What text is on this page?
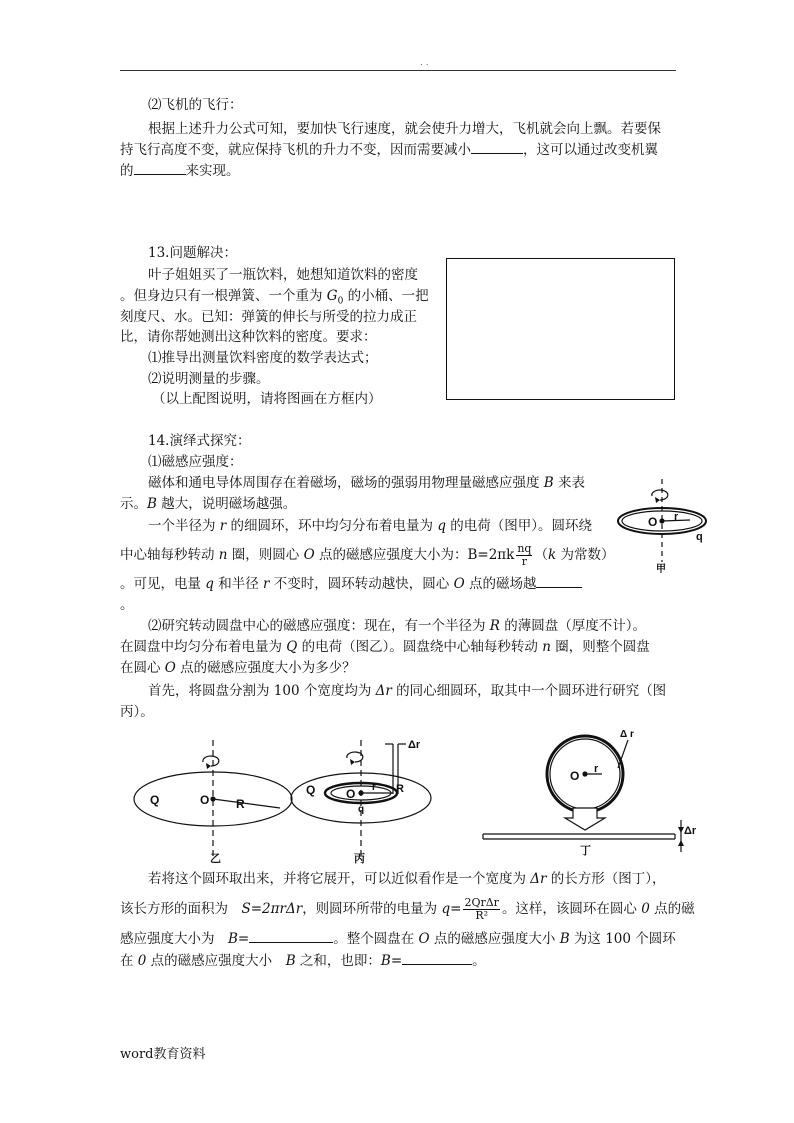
. .
⑵飞机的飞行：
根据上述升力公式可知，要加快飞行速度，就会使升力增大，飞机就会向上飘。若要保
持飞行高度不变，就应保持飞机的升力不变，因而需要减小	，这可以通过改变机翼
的	来实现。
13.问题解决：
叶子姐姐买了一瓶饮料，她想知道饮料的密度
。但身边只有一根弹簧、一个重为 $G_0$ 的小桶、一把
刻度尺、水。已知：弹簧的伸长与所受的拉力成正
比，请你帮她测出这种饮料的密度。要求：
⑴推导出测量饮料密度的数学表达式；
⑵说明测量的步骤。
（以上配图说明，请将图画在方框内）
14.演绎式探究：
⑴磁感应强度：
磁体和通电导体周围存在着磁场，磁场的强弱用物理量磁感应强度 B 来表
示。B 越大，说明磁场越强。
一个半径为 r 的细圆环，环中均匀分布着电量为 q 的电荷（图甲）。圆环绕
中心轴每秒转动 n 圈，则圆心 O 点的磁感应强度大小为：$B=2\pi k \frac{nq}{r} (k$ 为常数）
。可见，电量 q 和半径 r 不变时，圆环转动越快，圆心 O 点的磁场越
。
⑵研究转动圆盘中心的磁感应强度：现在，有一个半径为 R 的薄圆盘（厚度不计）。
在圆盘中均匀分布着电量为 Q 的电荷（图乙）。圆盘绕中心轴每秒转动 n 圈，则整个圆盘
在圆心 O 点的磁感应强度大小为多少？
首先，将圆盘分割为 100 个宽度均为 Δr 的同心细圆环，取其中一个圆环进行研究（图
丙）。
Q	O R
乙
Q	O r R
Δr
q
丙
O r
Δ r
Δr
丁
O r
q
甲
若将这个圆环取出来，并将它展开，可以近似看作是一个宽度为 Δr 的长方形（图丁），
该长方形的面积为　S=2πrΔr，则圆环所带的电量为 $q= \frac{\text{2QrΔr}}{\text{R²}}$ 。这样，该圆环在圆心 0 点的磁
感应强度大小为　B=	。整个圆盘在 O 点的磁感应强度大小 B 为这 100 个圆环
在 0 点的磁感应强度大小　B 之和，也即：B=	。
word教育资料
